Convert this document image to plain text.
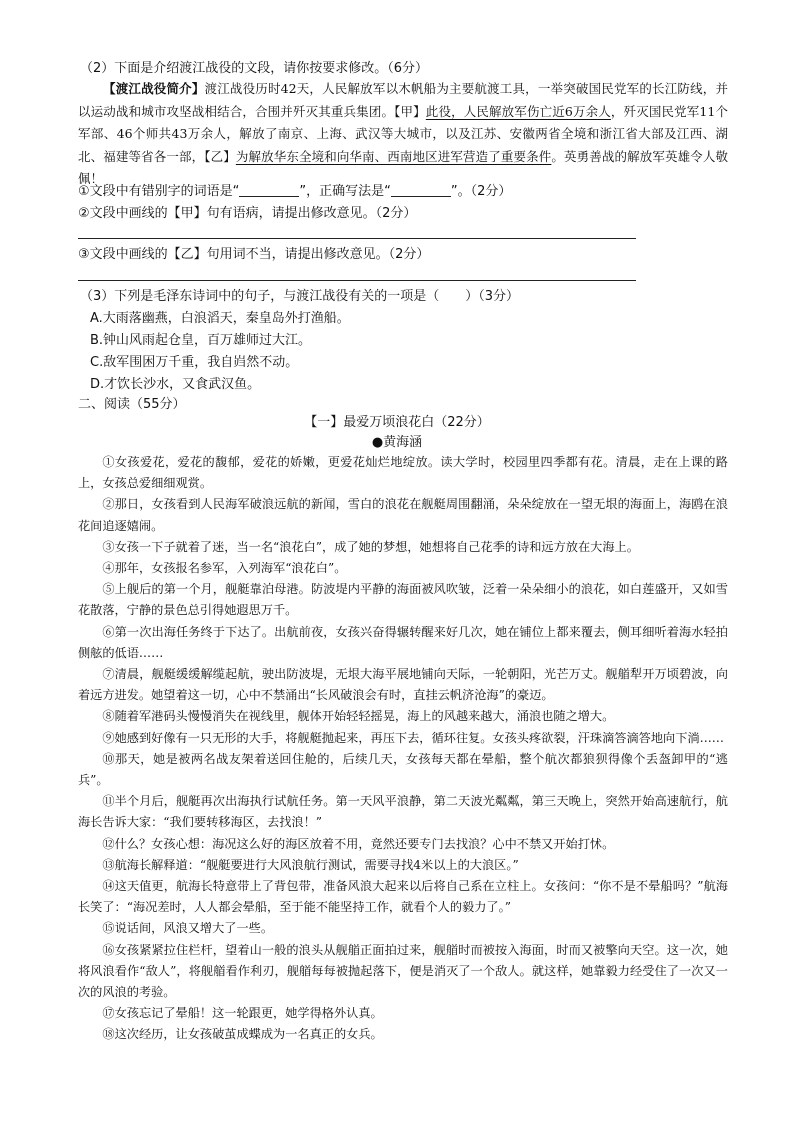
（2）下面是介绍渡江战役的文段，请你按要求修改。（6分）
【渡江战役简介】渡江战役历时42天，人民解放军以木帆船为主要航渡工具，一举突破国民党军的长江防线，并以运动战和城市攻坚战相结合，合围并歼灭其重兵集团。【甲】此役，人民解放军伤亡近6万余人，歼灭国民党军11个军部、46个师共43万余人，解放了南京、上海、武汉等大城市，以及江苏、安徽两省全境和浙江省大部及江西、湖北、福建等省各一部，【乙】为解放华东全境和向华南、西南地区进军营造了重要条件。英勇善战的解放军英雄令人敬佩！
①文段中有错别字的词语是“	”，正确写法是“	”。（2分）
②文段中画线的【甲】句有语病，请提出修改意见。（2分）
③文段中画线的【乙】句用词不当，请提出修改意见。（2分）
（3）下列是毛泽东诗词中的句子，与渡江战役有关的一项是（　　）（3分）
A.大雨落幽燕，白浪滔天，秦皇岛外打渔船。
B.钟山风雨起仓皇，百万雄师过大江。
C.敌军围困万千重，我自岿然不动。
D.才饮长沙水，又食武汉鱼。
二、阅读（55分）
【一】最爱万顷浪花白（22分）
●黄海涵

①女孩爱花，爱花的馥郁，爱花的娇嫩，更爱花灿烂地绽放。读大学时，校园里四季都有花。清晨，走在上课的路上，女孩总爱细细观赏。

②那日，女孩看到人民海军破浪远航的新闻，雪白的浪花在舰艇周围翻涌，朵朵绽放在一望无垠的海面上，海鸥在浪花间追逐嬉闹。

③女孩一下子就着了迷，当一名“浪花白”，成了她的梦想，她想将自己花季的诗和远方放在大海上。

④那年，女孩报名参军，入列海军“浪花白”。

⑤上舰后的第一个月，舰艇靠泊母港。防波堤内平静的海面被风吹皱，泛着一朵朵细小的浪花，如白莲盛开，又如雪花散落，宁静的景色总引得她遐思万千。

⑥第一次出海任务终于下达了。出航前夜，女孩兴奋得辗转醒来好几次，她在铺位上都来覆去，侧耳细听着海水轻拍侧舷的低语……

⑦清晨，舰艇缓缓解缆起航，驶出防波堤，无垠大海平展地铺向天际，一轮朝阳，光芒万丈。舰艏犁开万顷碧波，向着远方进发。她望着这一切，心中不禁涌出“长风破浪会有时，直挂云帆济沧海”的豪迈。

⑧随着军港码头慢慢消失在视线里，舰体开始轻轻摇晃，海上的风越来越大，涌浪也随之增大。

⑨她感到好像有一只无形的大手，将舰艇抛起来，再压下去，循环往复。女孩头疼欲裂，汗珠滴答滴答地向下淌……

⑩那天，她是被两名战友架着送回住舱的，后续几天，女孩每天都在晕船，整个航次都狼狈得像个丢盔卸甲的“逃兵”。

⑪半个月后，舰艇再次出海执行试航任务。第一天风平浪静，第二天波光粼粼，第三天晚上，突然开始高速航行，航海长告诉大家：“我们要转移海区，去找浪！”

⑫什么？女孩心想：海况这么好的海区放着不用，竟然还要专门去找浪？心中不禁又开始打怵。

⑬航海长解释道：“舰艇要进行大风浪航行测试，需要寻找4米以上的大浪区。”

⑭这天值更，航海长特意带上了背包带，准备风浪大起来以后将自己系在立柱上。女孩问：“你不是不晕船吗？”航海长笑了：“海况差时，人人都会晕船，至于能不能坚持工作，就看个人的毅力了。”

⑮说话间，风浪又增大了一些。

⑯女孩紧紧拉住栏杆，望着山一般的浪头从舰艏正面拍过来，舰艏时而被按入海面，时而又被擎向天空。这一次，她将风浪看作“敌人”，将舰艏看作利刃，舰艏每每被抛起落下，便是消灭了一个敌人。就这样，她靠毅力经受住了一次又一次的风浪的考验。

⑰女孩忘记了晕船！这一轮跟更，她学得格外认真。

⑱这次经历，让女孩破茧成蝶成为一名真正的女兵。
